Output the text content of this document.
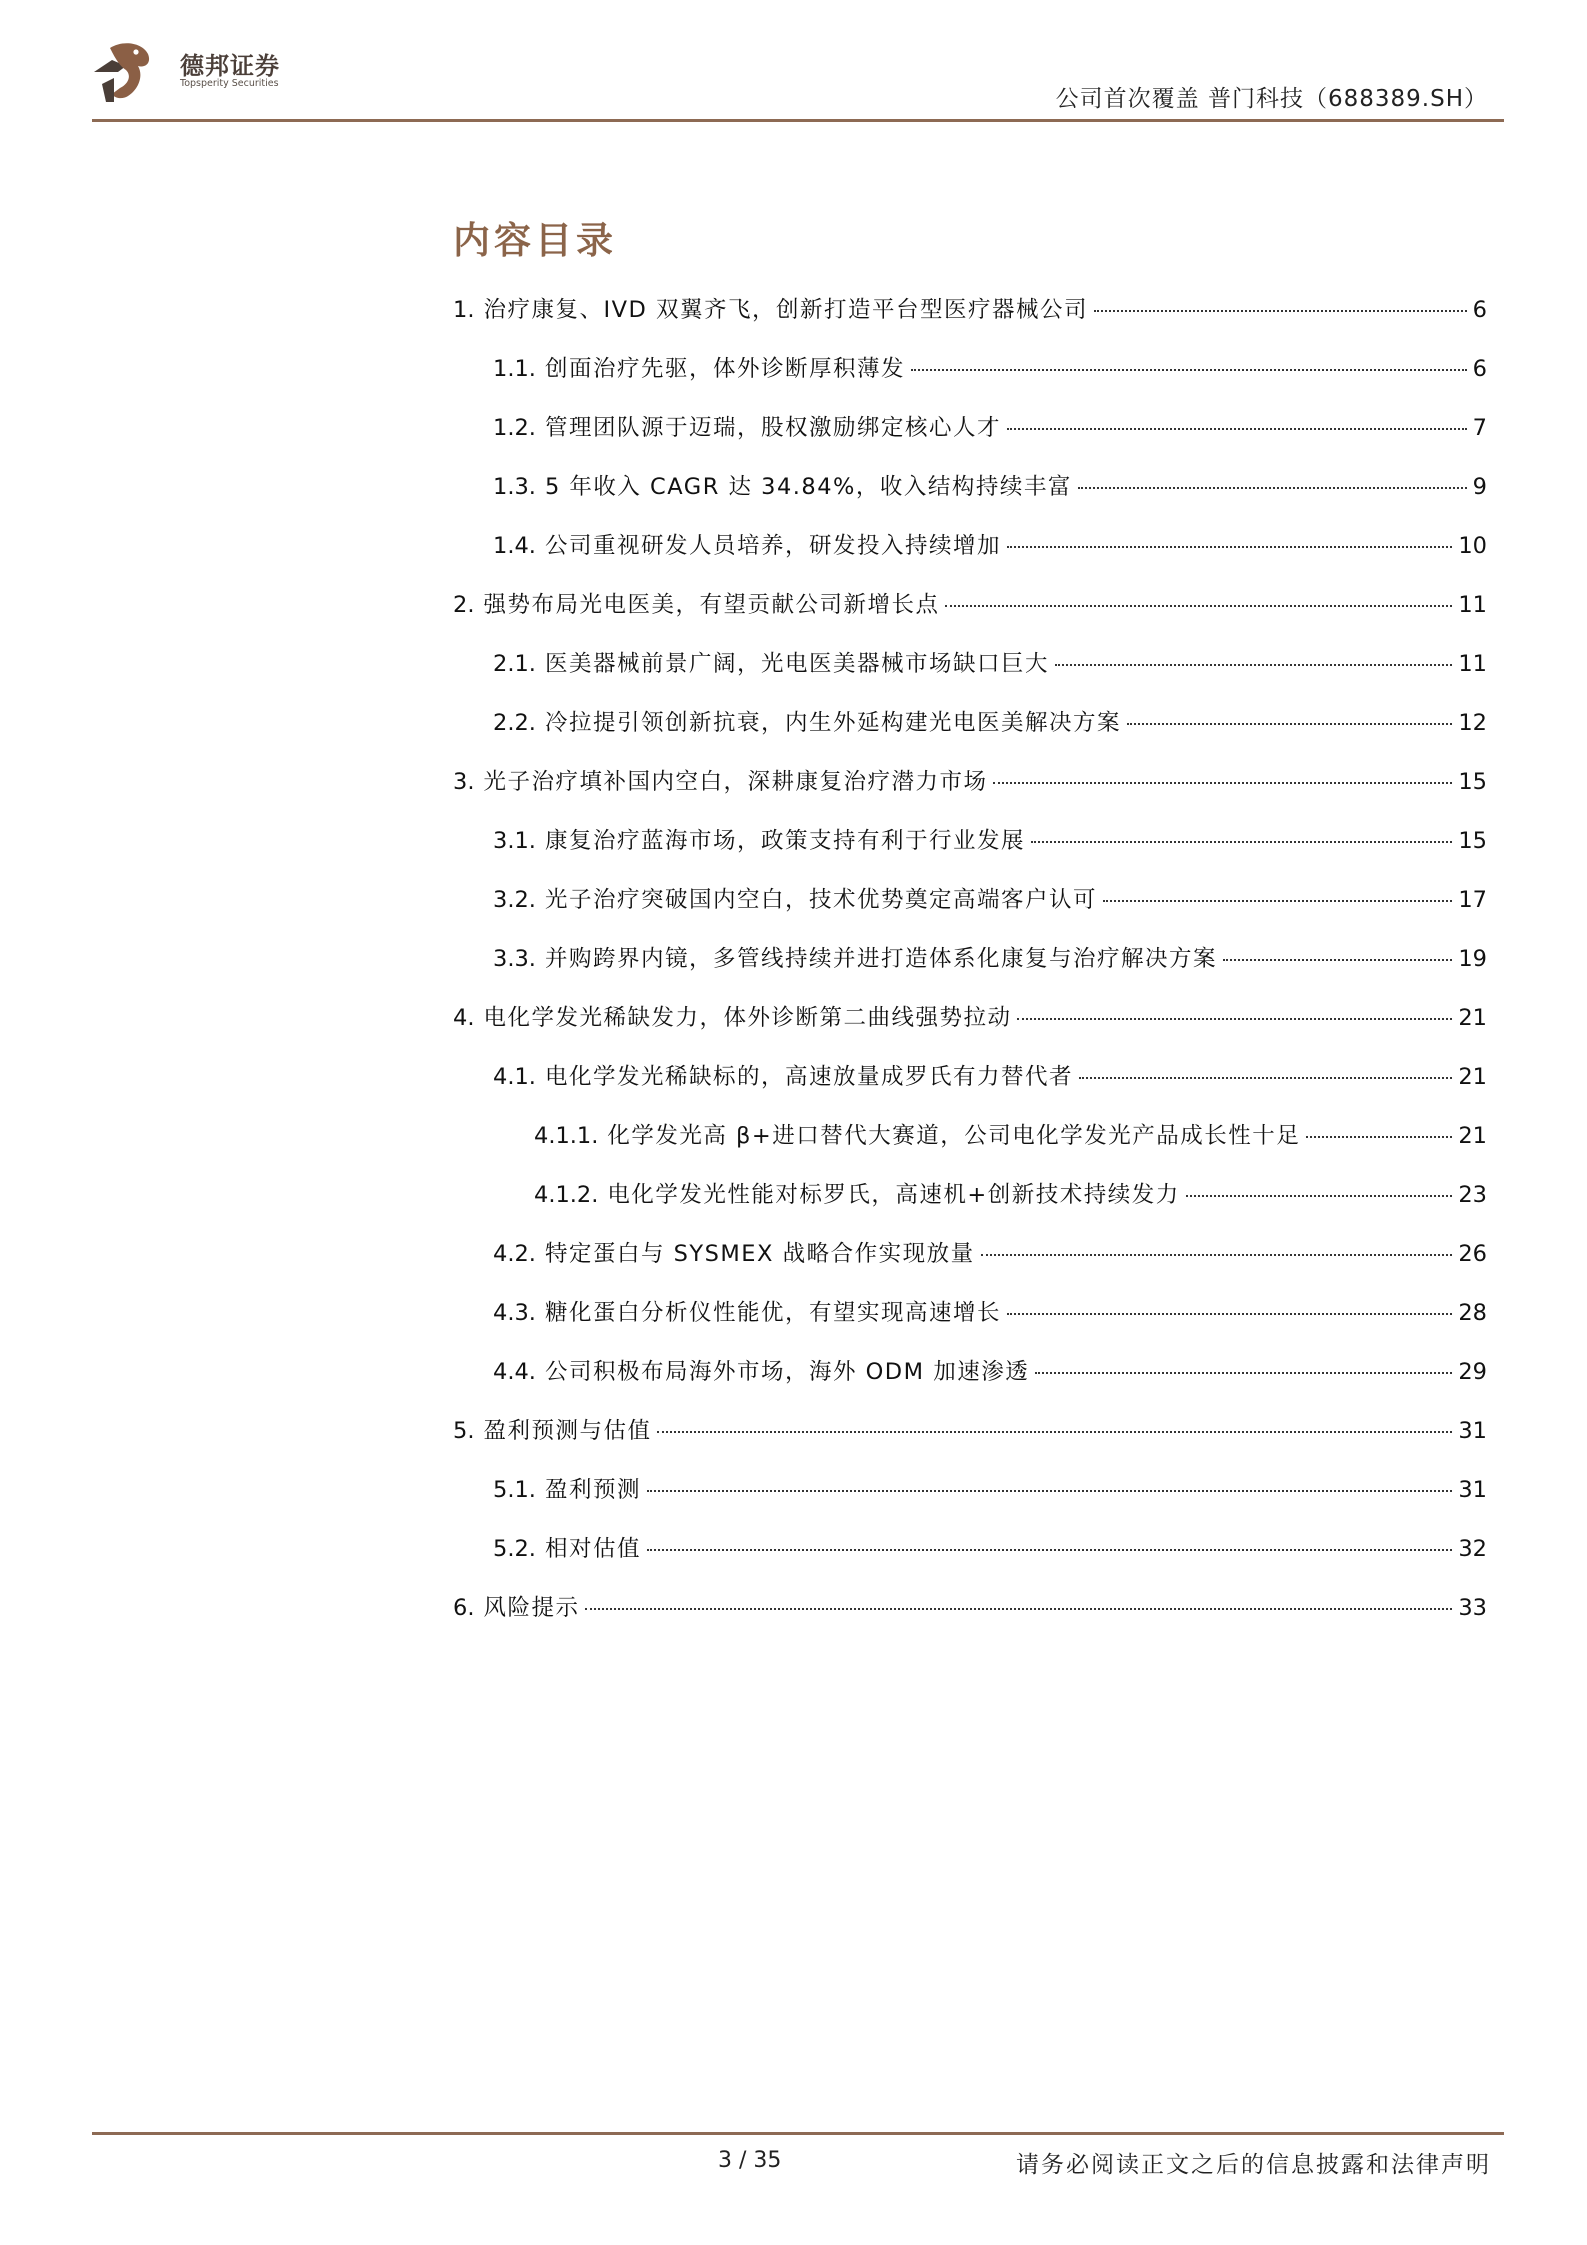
德邦证券
Topsperity Securities
公司首次覆盖 普门科技（688389.SH）
内容目录
1. 治疗康复、IVD 双翼齐飞，创新打造平台型医疗器械公司	6
1.1. 创面治疗先驱，体外诊断厚积薄发	6
1.2. 管理团队源于迈瑞，股权激励绑定核心人才	7
1.3. 5 年收入 CAGR 达 34.84%，收入结构持续丰富	9
1.4. 公司重视研发人员培养，研发投入持续增加	10
2. 强势布局光电医美，有望贡献公司新增长点	11
2.1. 医美器械前景广阔，光电医美器械市场缺口巨大	11
2.2. 冷拉提引领创新抗衰，内生外延构建光电医美解决方案	12
3. 光子治疗填补国内空白，深耕康复治疗潜力市场	15
3.1. 康复治疗蓝海市场，政策支持有利于行业发展	15
3.2. 光子治疗突破国内空白，技术优势奠定高端客户认可	17
3.3. 并购跨界内镜，多管线持续并进打造体系化康复与治疗解决方案	19
4. 电化学发光稀缺发力，体外诊断第二曲线强势拉动	21
4.1. 电化学发光稀缺标的，高速放量成罗氏有力替代者	21
4.1.1. 化学发光高 β+进口替代大赛道，公司电化学发光产品成长性十足	21
4.1.2. 电化学发光性能对标罗氏，高速机+创新技术持续发力	23
4.2. 特定蛋白与 SYSMEX 战略合作实现放量	26
4.3. 糖化蛋白分析仪性能优，有望实现高速增长	28
4.4. 公司积极布局海外市场，海外 ODM 加速渗透	29
5. 盈利预测与估值	31
5.1. 盈利预测	31
5.2. 相对估值	32
6. 风险提示	33
3 / 35	请务必阅读正文之后的信息披露和法律声明
